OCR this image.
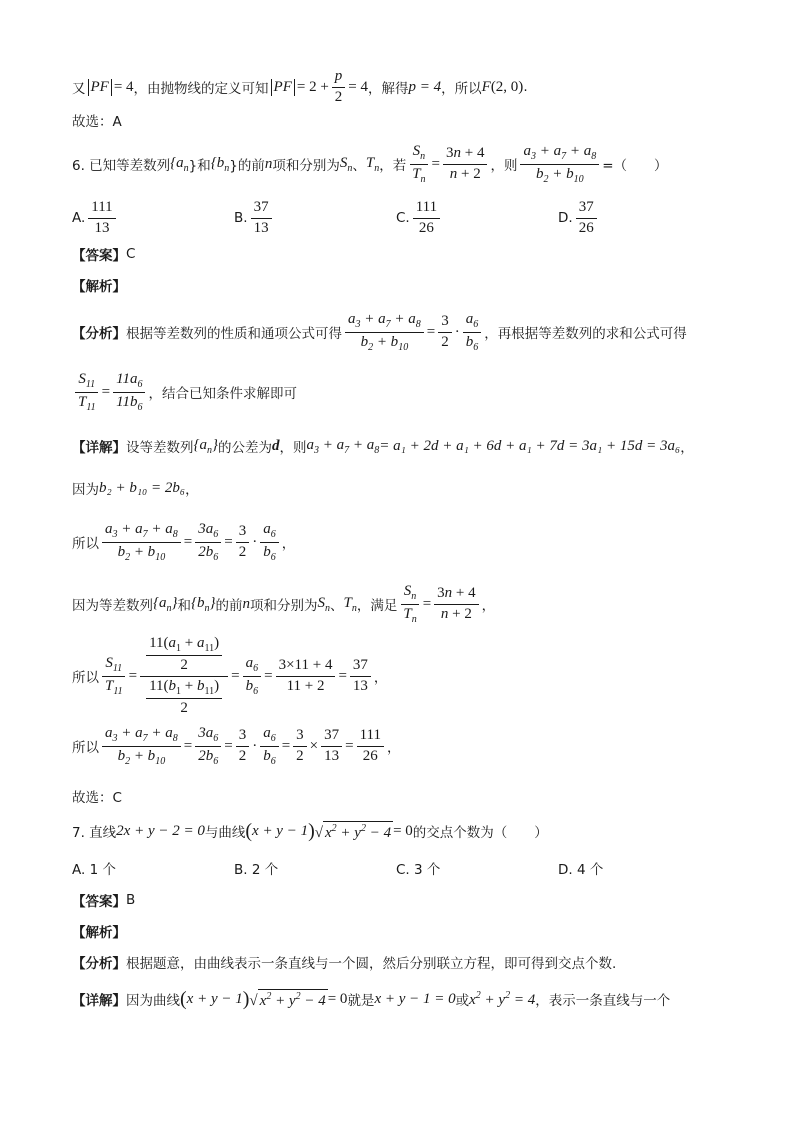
又 PF = 4 ，由抛物线的定义可知 PF = $2 + \frac{p}{2} = 4$ ，解得 p = 4 ，所以 F (2, 0) .
故选：A
6. 已知等差数列 {$a_n$ }和 {$b_n$ }的前 n 项和分别为 $S_n$ 、 $T_n$ ，若 $\frac{S_n}{T_n} = \frac{3n + 4}{n + 2}$ ，则 $\frac{a_3 + a_7 + a_8}{b_2 + b_{10}}$ =（　　）
A. $\frac{111}{13}$	B. $\frac{37}{13}$	C. $\frac{111}{26}$	D. $\frac{37}{26}$
【答案】 C
【解析】
【分析】 根据等差数列的性质和通项公式可得 $\frac{a_3 + a_7 + a_8}{b_2 + b_{10}} = \frac{3}{2} \cdot \frac{a_6}{b_6}$ ，再根据等差数列的求和公式可得
$\frac{S_{11}}{T_{11}} = \frac{11a_6}{11b_6}$ ，结合已知条件求解即可
【详解】 设等差数列 $\{a_n\}$ 的公差为 d ，则 $a_3 + a_7 + a_8 = a_1 + 2d + a_1 + 6d + a_1 + 7d = 3a_1 + 15d = 3a_6$ ，
因为 b₂ + b₁₀ = 2b₆ ，
所以 $\frac{a_3 + a_7 + a_8}{b_2 + b_{10}} = \frac{3a_6}{2b_6} = \frac{3}{2} \cdot \frac{a_6}{b_6}$ ，
因为等差数列 $\{a_n\}$ 和 $\{b_n\}$ 的前 n 项和分别为 $S_n$ 、 $T_n$ ，满足 $\frac{S_n}{T_n} = \frac{3n + 4}{n + 2}$ ，
所以 $\frac{S_{11}}{T_{11}} = \frac{\frac{11(a_1 + a_{11})}{2}}{\frac{11(b_1 + b_{11})}{2}} = \frac{a_6}{b_6} = \frac{3\times 11 + 4}{11 + 2} = \frac{37}{13}$ ，
所以 $\frac{a_3 + a_7 + a_8}{b_2 + b_{10}} = \frac{3a_6}{2b_6} = \frac{3}{2} \cdot \frac{a_6}{b_6} = \frac{3}{2} \times \frac{37}{13} = \frac{111}{26}$ ，
故选：C
7. 直线 2x + y − 2 = 0 与曲线 ( x + y − 1 ) √ $x^2 + y^2 - 4 = 0$ 的交点个数为（　　）
A. 1 个	B. 2 个	C. 3 个	D. 4 个
【答案】 B
【解析】
【分析】 根据题意，由曲线表示一条直线与一个圆，然后分别联立方程，即可得到交点个数.
【详解】 因为曲线 ( x + y − 1 ) √ $x^2 + y^2 - 4 = 0$ 就是 x + y − 1 = 0 或 $x^2 + y^2 = 4$ ，表示一条直线与一个
